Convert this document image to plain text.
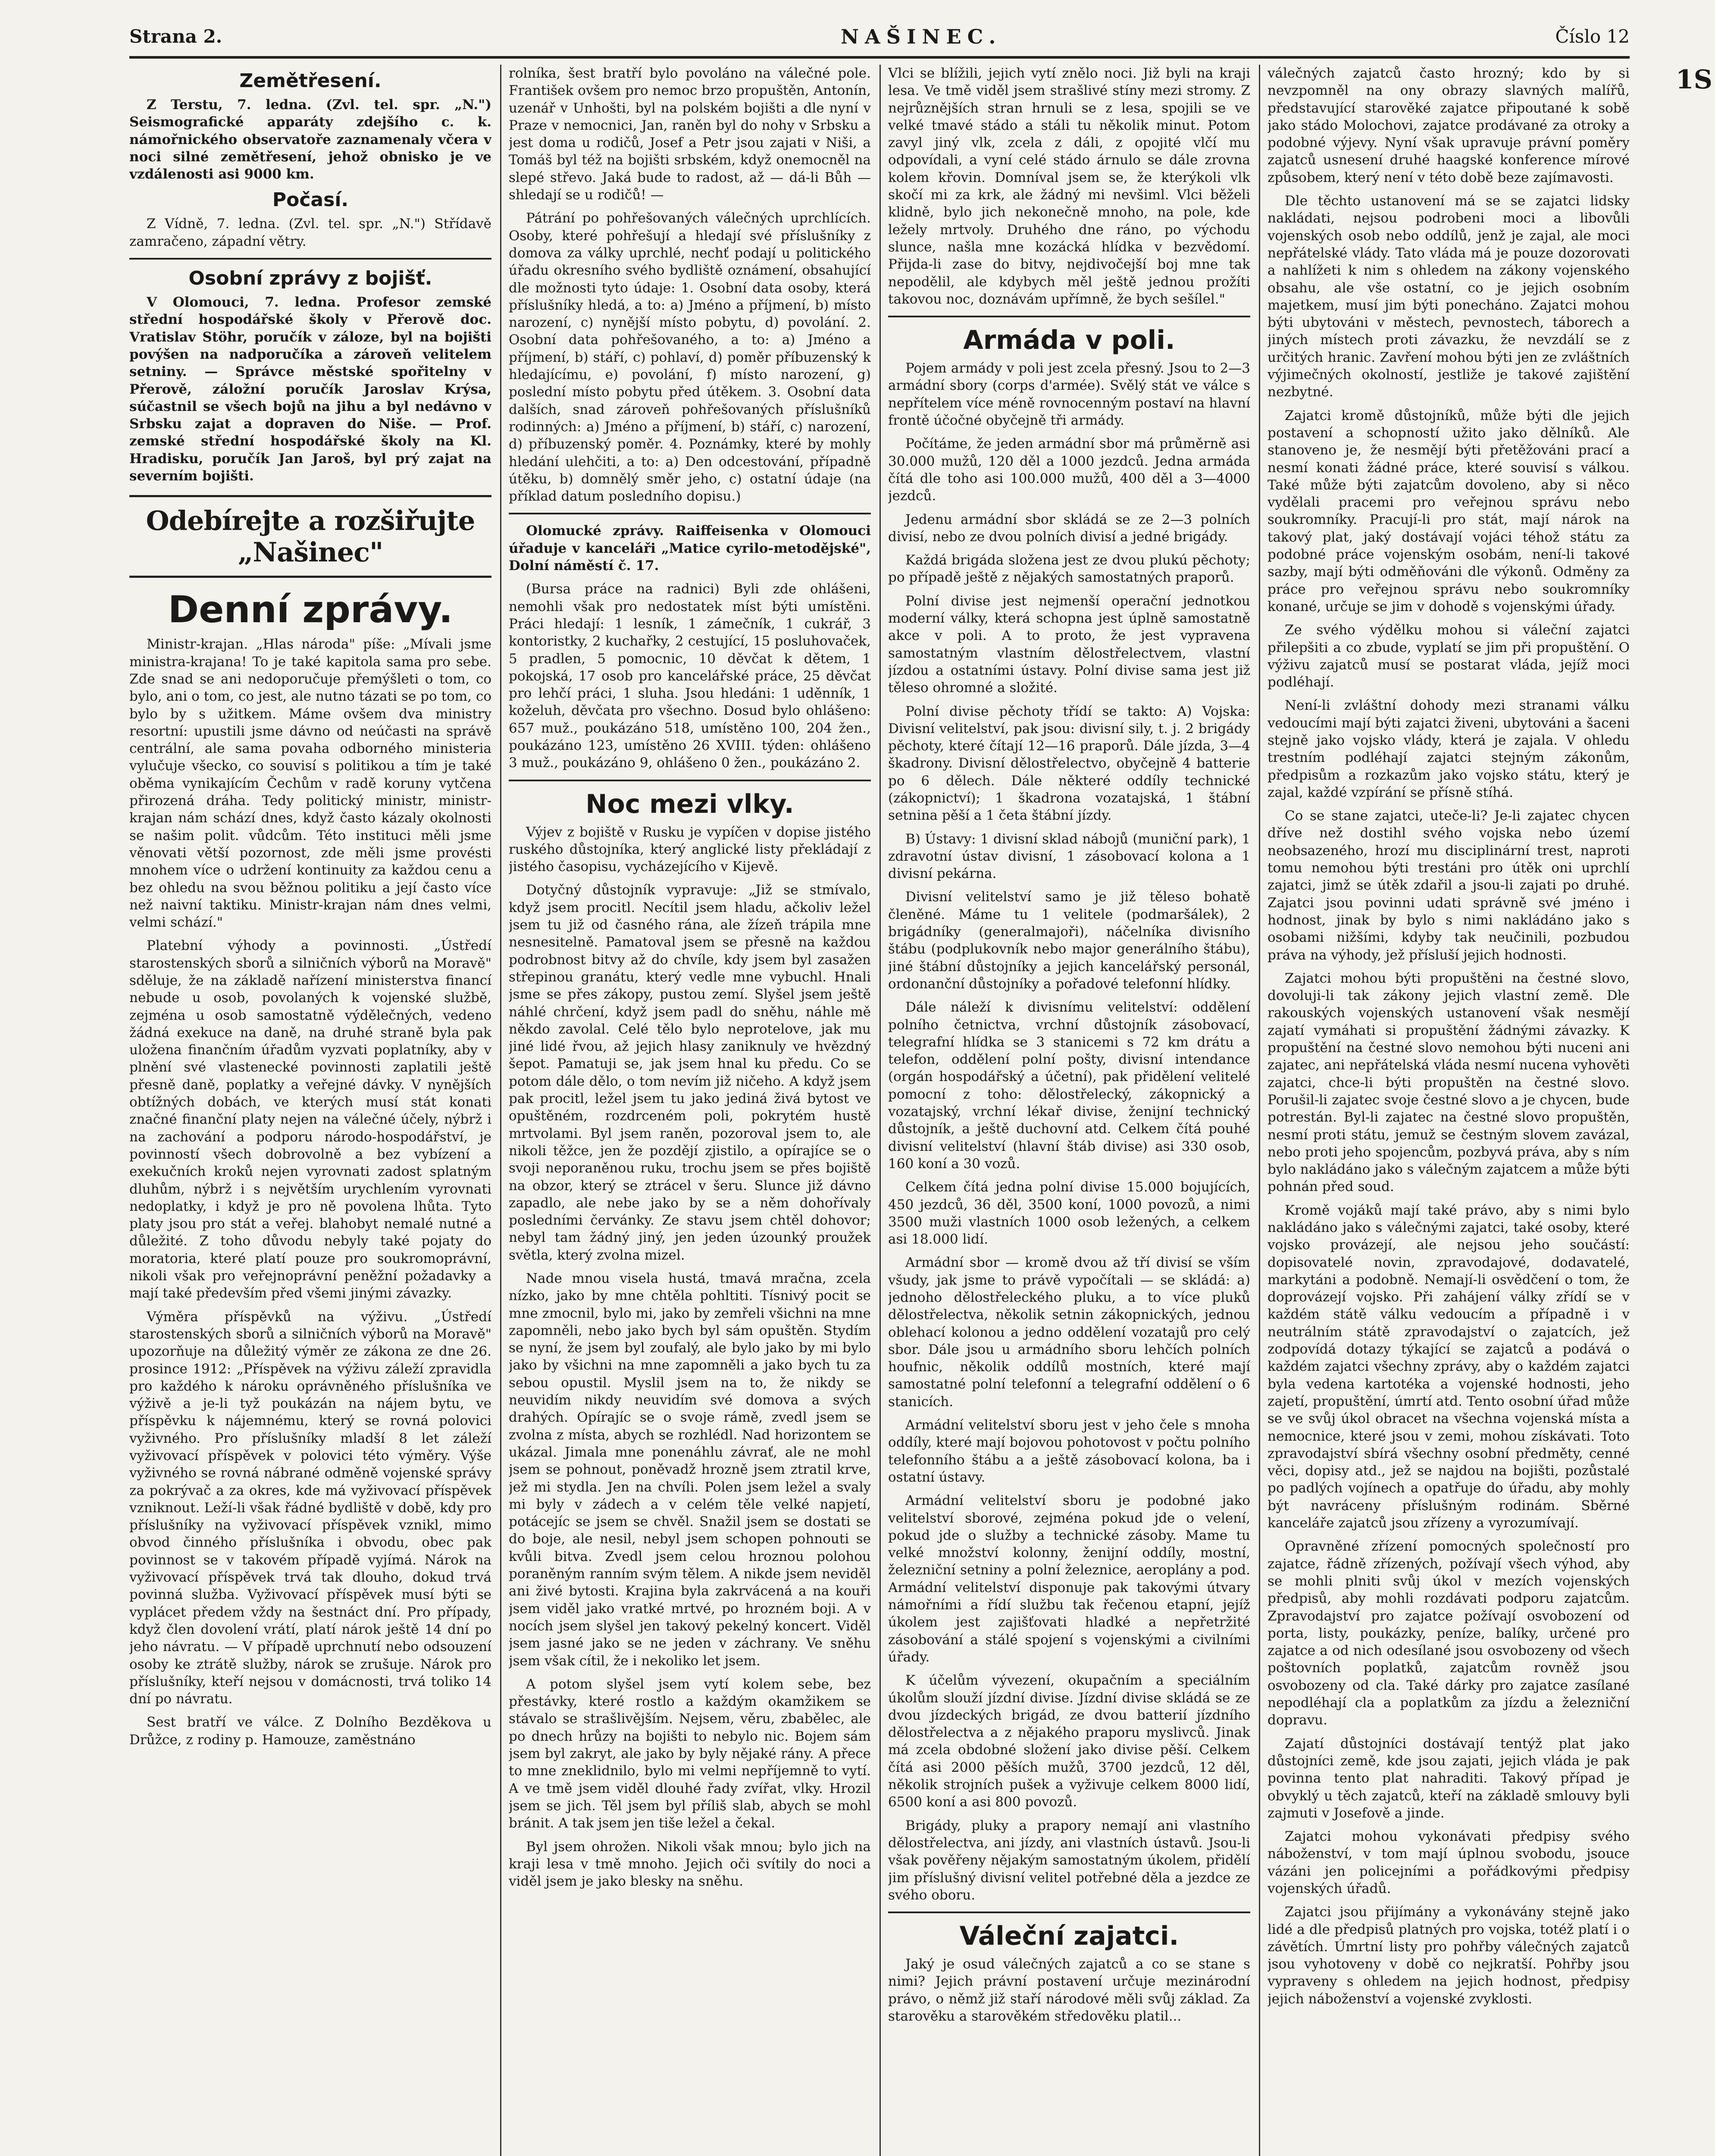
Strana 2.	NAŠINEC.	Číslo 12
1S
Zemětřesení.

Z Terstu, 7. ledna. (Zvl. tel. spr. „N.") Seismografické apparáty zdejšího c. k. námořnického observatoře zaznamenaly včera v noci silné zemětřesení, jehož obnisko je ve vzdálenosti asi 9000 km.

Počasí.

Z Vídně, 7. ledna. (Zvl. tel. spr. „N.") Střídavě zamračeno, západní větry.

Osobní zprávy z bojišť.

V Olomouci, 7. ledna. Profesor zemské střední hospodářské školy v Přerově doc. Vratislav Stöhr, poručík v záloze, byl na bojišti povýšen na nadporučíka a zároveň velitelem setniny. — Správce městské spořitelny v Přerově, záložní poručík Jaroslav Krýsa, súčastnil se všech bojů na jihu a byl nedávno v Srbsku zajat a dopraven do Niše. — Prof. zemské střední hospodářské školy na Kl. Hradisku, poručík Jan Jaroš, byl prý zajat na severním bojišti.

Odebírejte a rozšiřujte „Našinec"
Denní zprávy.

Ministr-krajan. „Hlas národa" píše: „Mívali jsme ministra-krajana! To je také kapitola sama pro sebe. Zde snad se ani nedoporučuje přemýšleti o tom, co bylo, ani o tom, co jest, ale nutno tázati se po tom, co bylo by s užitkem. Máme ovšem dva ministry resortní: upustili jsme dávno od neúčasti na správě centrální, ale sama povaha odborného ministeria vylučuje všecko, co souvisí s politikou a tím je také oběma vynikajícím Čechům v radě koruny vytčena přirozená dráha. Tedy politický ministr, ministr-krajan nám schází dnes, když často kázaly okolnosti se našim polit. vůdcům. Této instituci měli jsme věnovati větší pozornost, zde měli jsme provésti mnohem více o udržení kontinuity za každou cenu a bez ohledu na svou běžnou politiku a její často více než naivní taktiku. Ministr-krajan nám dnes velmi, velmi schází."

Platební výhody a povinnosti. „Ústředí starostenských sborů a silničních výborů na Moravě" sděluje, že na základě nařízení ministerstva financí nebude u osob, povolaných k vojenské službě, zejména u osob samostatně výdělečných, vedeno žádná exekuce na daně, na druhé straně byla pak uložena finančním úřadům vyzvati poplatníky, aby v plnění své vlastenecké povinnosti zaplatili ještě přesně daně, poplatky a veřejné dávky. V nynějších obtížných dobách, ve kterých musí stát konati značné finanční platy nejen na válečné účely, nýbrž i na zachování a podporu národo-hospodářství, je povinností všech dobrovolně a bez vybízení a exekučních kroků nejen vyrovnati zadost splatným dluhům, nýbrž i s největším urychlením vyrovnati nedoplatky, i když je pro ně povolena lhůta. Tyto platy jsou pro stát a veřej. blahobyt nemalé nutné a důležité. Z toho důvodu nebyly také pojaty do moratoria, které platí pouze pro soukromoprávní, nikoli však pro veřejnoprávní peněžní požadavky a mají také především před všemi jinými závazky.

Výměra příspěvků na výživu. „Ústředí starostenských sborů a silničních výborů na Moravě" upozorňuje na důležitý výměr ze zákona ze dne 26. prosince 1912: „Příspěvek na výživu záleží zpravidla pro každého k nároku oprávněného příslušníka ve výživě a je-li tyž poukázán na nájem bytu, ve příspěvku k nájemnému, který se rovná polovici vyživného. Pro příslušníky mladší 8 let záleží vyživovací příspěvek v polovici této výměry. Výše vyživného se rovná nábrané odměně vojenské správy za pokrývač a za okres, kde má vyživovací příspěvek vzniknout. Leží-li však řádné bydliště v době, kdy pro příslušníky na vyživovací příspěvek vznikl, mimo obvod činného příslušníka i obvodu, obec pak povinnost se v takovém případě vyjímá. Nárok na vyživovací příspěvek trvá tak dlouho, dokud trvá povinná služba. Vyživovací příspěvek musí býti se vyplácet předem vždy na šestnáct dní. Pro případy, když člen dovolení vrátí, platí nárok ještě 14 dní po jeho návratu. — V případě uprchnutí nebo odsouzení osoby ke ztrátě služby, nárok se zrušuje. Nárok pro příslušníky, kteří nejsou v domácnosti, trvá toliko 14 dní po návratu.

Sest bratří ve válce. Z Dolního Bezděkova u Drůžce, z rodiny p. Hamouze, zaměstnáno

rolníka, šest bratří bylo povoláno na válečné pole. František ovšem pro nemoc brzo propuštěn, Antonín, uzenář v Unhošti, byl na polském bojišti a dle nyní v Praze v nemocnici, Jan, raněn byl do nohy v Srbsku a jest doma u rodičů, Josef a Petr jsou zajati v Niši, a Tomáš byl též na bojišti srbském, když onemocněl na slepé střevo. Jaká bude to radost, až — dá-li Bůh — shledají se u rodičů! —

Pátrání po pohřešovaných válečných uprchlících. Osoby, které pohřešují a hledají své příslušníky z domova za války uprchlé, nechť podají u politického úřadu okresního svého bydliště oznámení, obsahující dle možnosti tyto údaje: 1. Osobní data osoby, která příslušníky hledá, a to: a) Jméno a příjmení, b) místo narození, c) nynější místo pobytu, d) povolání. 2. Osobní data pohřešovaného, a to: a) Jméno a příjmení, b) stáří, c) pohlaví, d) poměr příbuzenský k hledajícímu, e) povolání, f) místo narození, g) poslední místo pobytu před útěkem. 3. Osobní data dalších, snad zároveň pohřešovaných příslušníků rodinných: a) Jméno a příjmení, b) stáří, c) narození, d) příbuzenský poměr. 4. Poznámky, které by mohly hledání ulehčiti, a to: a) Den odcestování, případně útěku, b) domnělý směr jeho, c) ostatní údaje (na příklad datum posledního dopisu.)

Olomucké zprávy. Raiffeisenka v Olomouci úřaduje v kanceláři „Matice cyrilo-metodějské", Dolní náměstí č. 17.

(Bursa práce na radnici) Byli zde ohlášeni, nemohli však pro nedostatek míst býti umístěni. Práci hledají: 1 lesník, 1 zámečník, 1 cukrář, 3 kontoristky, 2 kuchařky, 2 cestující, 15 posluhovaček, 5 pradlen, 5 pomocnic, 10 děvčat k dětem, 1 pokojská, 17 osob pro kancelářské práce, 25 děvčat pro lehčí práci, 1 sluha. Jsou hledáni: 1 uděnník, 1 koželuh, děvčata pro všechno. Dosud bylo ohlášeno: 657 muž., poukázáno 518, umístěno 100, 204 žen., poukázáno 123, umístěno 26 XVIII. týden: ohlášeno 3 muž., poukázáno 9, ohlášeno 0 žen., poukázáno 2.

Noc mezi vlky.

Výjev z bojiště v Rusku je vypíčen v dopise jistého ruského důstojníka, který anglické listy překládají z jistého časopisu, vycházejícího v Kijevě.

Dotyčný důstojník vypravuje: „Již se stmívalo, když jsem procitl. Necítil jsem hladu, ačkoliv ležel jsem tu již od časného rána, ale žízeň trápila mne nesnesitelně. Pamatoval jsem se přesně na každou podrobnost bitvy až do chvíle, kdy jsem byl zasažen střepinou granátu, který vedle mne vybuchl. Hnali jsme se přes zákopy, pustou zemí. Slyšel jsem ještě náhlé chrčení, když jsem padl do sněhu, náhle mě někdo zavolal. Celé tělo bylo neprotelove, jak mu jiné lidé řvou, až jejich hlasy zaniknuly ve hvězdný šepot. Pamatuji se, jak jsem hnal ku předu. Co se potom dále dělo, o tom nevím již ničeho. A když jsem pak procitl, ležel jsem tu jako jediná živá bytost ve opuštěném, rozdrceném poli, pokrytém hustě mrtvolami. Byl jsem raněn, pozoroval jsem to, ale nikoli těžce, jen že pozdějí zjistilo, a opírajíce se o svoji neporaněnou ruku, trochu jsem se přes bojiště na obzor, který se ztrácel v šeru. Slunce již dávno zapadlo, ale nebe jako by se a něm dohořívaly posledními červánky. Ze stavu jsem chtěl dohovor; nebyl tam žádný jiný, jen jeden úzounký proužek světla, který zvolna mizel.

Nade mnou visela hustá, tmavá mračna, zcela nízko, jako by mne chtěla pohltiti. Tísnivý pocit se mne zmocnil, bylo mi, jako by zemřeli všichni na mne zapomněli, nebo jako bych byl sám opuštěn. Stydím se nyní, že jsem byl zoufalý, ale bylo jako by mi bylo jako by všichni na mne zapomněli a jako bych tu za sebou opustil. Myslil jsem na to, že nikdy se neuvidím nikdy neuvidím své domova a svých drahých. Opírajíc se o svoje rámě, zvedl jsem se zvolna z místa, abych se rozhlédl. Nad horizontem se ukázal. Jimala mne ponenáhlu závrať, ale ne mohl jsem se pohnout, poněvadž hrozně jsem ztratil krve, jež mi stydla. Jen na chvíli. Polen jsem ležel a svaly mi byly v zádech a v celém těle velké napjetí, potácejíc se jsem se chvěl. Snažil jsem se dostati se do boje, ale nesil, nebyl jsem schopen pohnouti se kvůli bitva. Zvedl jsem celou hroznou polohou poraněným ranním svým tělem. A nikde jsem neviděl ani živé bytosti. Krajina byla zakrvácená a na kouři jsem viděl jako vratké mrtvé, po hrozném boji. A v nocích jsem slyšel jen takový pekelný koncert. Viděl jsem jasné jako se ne jeden v záchrany. Ve sněhu jsem však cítil, že i nekoliko let jsem.

A potom slyšel jsem vytí kolem sebe, bez přestávky, které rostlo a každým okamžikem se stávalo se strašlivějším. Nejsem, věru, zbabělec, ale po dnech hrůzy na bojišti to nebylo nic. Bojem sám jsem byl zakryt, ale jako by byly nějaké rány. A přece to mne zneklidnilo, bylo mi velmi nepříjemně to vytí. A ve tmě jsem viděl dlouhé řady zvířat, vlky. Hrozil jsem se jich. Těl jsem byl příliš slab, abych se mohl bránit. A tak jsem jen tiše ležel a čekal.

Byl jsem ohrožen. Nikoli však mnou; bylo jich na kraji lesa v tmě mnoho. Jejich oči svítily do noci a viděl jsem je jako blesky na sněhu.

Vlci se blížili, jejich vytí znělo noci. Již byli na kraji lesa. Ve tmě viděl jsem strašlivé stíny mezi stromy. Z nejrůznějších stran hrnuli se z lesa, spojili se ve velké tmavé stádo a stáli tu několik minut. Potom zavyl jiný vlk, zcela z dáli, z opojité vlčí mu odpovídali, a vyní celé stádo árnulo se dále zrovna kolem křovin. Domníval jsem se, že kterýkoli vlk skočí mi za krk, ale žádný mi nevšiml. Vlci běželi klidně, bylo jich nekonečně mnoho, na pole, kde ležely mrtvoly. Druhého dne ráno, po východu slunce, našla mne kozácká hlídka v bezvědomí. Přijda-li zase do bitvy, nejdivočejší boj mne tak nepodělil, ale kdybych měl ještě jednou prožíti takovou noc, doznávám upřímně, že bych sešílel."

Armáda v poli.

Pojem armády v poli jest zcela přesný. Jsou to 2—3 armádní sbory (corps d'armée). Svělý stát ve válce s nepřítelem více méně rovnocenným postaví na hlavní frontě účočné obyčejně tři armády.

Počítáme, že jeden armádní sbor má průměrně asi 30.000 mužů, 120 děl a 1000 jezdců. Jedna armáda čítá dle toho asi 100.000 mužů, 400 děl a 3—4000 jezdců.

Jedenu armádní sbor skládá se ze 2—3 polních divisí, nebo ze dvou polních divisí a jedné brigády.

Každá brigáda složena jest ze dvou plukú pěchoty; po případě ještě z nějakých samostatných praporů.

Polní divise jest nejmenší operační jednotkou moderní války, která schopna jest úplně samostatně akce v poli. A to proto, že jest vypravena samostatným vlastním dělostřelectvem, vlastní jízdou a ostatními ústavy. Polní divise sama jest již těleso ohromné a složité.

Polní divise pěchoty třídí se takto: A) Vojska: Divisní velitelství, pak jsou: divisní sily, t. j. 2 brigády pěchoty, které čítají 12—16 praporů. Dále jízda, 3—4 škadrony. Divisní dělostřelectvo, obyčejně 4 batterie po 6 dělech. Dále některé oddíly technické (zákopnictví); 1 škadrona vozatajská, 1 štábní setnina pěší a 1 četa štábní jízdy.

B) Ústavy: 1 divisní sklad nábojů (muniční park), 1 zdravotní ústav divisní, 1 zásobovací kolona a 1 divisní pekárna.

Divisní velitelství samo je již těleso bohatě členěné. Máme tu 1 velitele (podmaršálek), 2 brigádníky (generalmajoři), náčelníka divisního štábu (podplukovník nebo major generálního štábu), jiné štábní důstojníky a jejich kancelářský personál, ordonanční důstojníky a pořadové telefonní hlídky.

Dále náleží k divisnímu velitelství: oddělení polního četnictva, vrchní důstojník zásobovací, telegrafní hlídka se 3 stanicemi s 72 km drátu a telefon, oddělení polní pošty, divisní intendance (orgán hospodářský a účetní), pak přidělení velitelé pomocní z toho: dělostřelecký, zákopnický a vozatajský, vrchní lékař divise, ženijní technický důstojník, a ještě duchovní atd. Celkem čítá pouhé divisní velitelství (hlavní štáb divise) asi 330 osob, 160 koní a 30 vozů.

Celkem čítá jedna polní divise 15.000 bojujících, 450 jezdců, 36 děl, 3500 koní, 1000 povozů, a nimi 3500 muži vlastních 1000 osob ležených, a celkem asi 18.000 lidí.

Armádní sbor — kromě dvou až tří divisí se vším všudy, jak jsme to právě vypočítali — se skládá: a) jednoho dělostřeleckého pluku, a to více pluků dělostřelectva, několik setnin zákopnických, jednou oblehací kolonou a jedno oddělení vozatajů pro celý sbor. Dále jsou u armádního sboru lehčích polních houfnic, několik oddílů mostních, které mají samostatné polní telefonní a telegrafní oddělení o 6 stanicích.

Armádní velitelství sboru jest v jeho čele s mnoha oddíly, které mají bojovou pohotovost v počtu polního telefonního štábu a a ještě zásobovací kolona, ba i ostatní ústavy.

Armádní velitelství sboru je podobné jako velitelství sborové, zejména pokud jde o velení, pokud jde o služby a technické zásoby. Mame tu velké množství kolonny, ženijní oddíly, mostní, železniční setniny a polní železnice, aeroplány a pod. Armádní velitelství disponuje pak takovými útvary námořními a řídí službu tak řečenou etapní, jejíž úkolem jest zajišťovati hladké a nepřetržité zásobování a stálé spojení s vojenskými a civilními úřady.

K účelům vývezení, okupačním a speciálním úkolům slouží jízdní divise. Jízdní divise skládá se ze dvou jízdeckých brigád, ze dvou batterií jízdního dělostřelectva a z nějakého praporu myslivců. Jinak má zcela obdobné složení jako divise pěší. Celkem čítá asi 2000 pěších mužů, 3700 jezdců, 12 děl, několik strojních pušek a vyživuje celkem 8000 lidí, 6500 koní a asi 800 povozů.

Brigády, pluky a prapory nemají ani vlastního dělostřelectva, ani jízdy, ani vlastních ústavů. Jsou-li však pověřeny nějakým samostatným úkolem, přidělí jim příslušný divisní velitel potřebné děla a jezdce ze svého oboru.

Váleční zajatci.

Jaký je osud válečných zajatců a co se stane s nimi? Jejich právní postavení určuje mezinárodní právo, o němž již staří národové měli svůj základ. Za starověku a starověkém středověku platil...

válečných zajatců často hrozný; kdo by si nevzpomněl na ony obrazy slavných malířů, představující starověké zajatce připoutané k sobě jako stádo Molochovi, zajatce prodávané za otroky a podobné výjevy. Nyní však upravuje právní poměry zajatců usnesení druhé haagské konference mírové způsobem, který není v této době beze zajímavosti.

Dle těchto ustanovení má se se zajatci lidsky nakládati, nejsou podrobeni moci a libovůli vojenských osob nebo oddílů, jenž je zajal, ale moci nepřátelské vlády. Tato vláda má je pouze dozorovati a nahlížeti k nim s ohledem na zákony vojenského obsahu, ale vše ostatní, co je jejich osobním majetkem, musí jim býti ponecháno. Zajatci mohou býti ubytováni v městech, pevnostech, táborech a jiných místech proti závazku, že nevzdálí se z určitých hranic. Zavření mohou býti jen ze zvláštních výjimečných okolností, jestliže je takové zajištění nezbytné.

Zajatci kromě důstojníků, může býti dle jejich postavení a schopností užito jako dělníků. Ale stanoveno je, že nesmějí býti přetěžováni prací a nesmí konati žádné práce, které souvisí s válkou. Také může býti zajatcům dovoleno, aby si něco vydělali pracemi pro veřejnou správu nebo soukromníky. Pracují-li pro stát, mají nárok na takový plat, jaký dostávají vojáci téhož státu za podobné práce vojenským osobám, není-li takové sazby, mají býti odměňováni dle výkonů. Odměny za práce pro veřejnou správu nebo soukromníky konané, určuje se jim v dohodě s vojenskými úřady.

Ze svého výdělku mohou si váleční zajatci přilepšiti a co zbude, vyplatí se jim při propuštění. O výživu zajatců musí se postarat vláda, jejíž moci podléhají.

Není-li zvláštní dohody mezi stranami válku vedoucími mají býti zajatci živeni, ubytováni a šaceni stejně jako vojsko vlády, která je zajala. V ohledu trestním podléhají zajatci stejným zákonům, předpisům a rozkazům jako vojsko státu, který je zajal, každé vzpírání se přísně stíhá.

Co se stane zajatci, uteče-li? Je-li zajatec chycen dříve než dostihl svého vojska nebo území neobsazeného, hrozí mu disciplinární trest, naproti tomu nemohou býti trestáni pro útěk oni uprchlí zajatci, jimž se útěk zdařil a jsou-li zajati po druhé. Zajatci jsou povinni udati správně své jméno i hodnost, jinak by bylo s nimi nakládáno jako s osobami nižšími, kdyby tak neučinili, pozbudou práva na výhody, jež přísluší jejich hodnosti.

Zajatci mohou býti propuštěni na čestné slovo, dovoluji-li tak zákony jejich vlastní země. Dle rakouských vojenských ustanovení však nesmějí zajatí vymáhati si propuštění žádnými závazky. K propuštění na čestné slovo nemohou býti nuceni ani zajatec, ani nepřátelská vláda nesmí nucena vyhověti zajatci, chce-li býti propuštěn na čestné slovo. Porušil-li zajatec svoje čestné slovo a je chycen, bude potrestán. Byl-li zajatec na čestné slovo propuštěn, nesmí proti státu, jemuž se čestným slovem zavázal, nebo proti jeho spojencům, pozbyvá práva, aby s ním bylo nakládáno jako s válečným zajatcem a může býti pohnán před soud.

Kromě vojáků mají také právo, aby s nimi bylo nakládáno jako s válečnými zajatci, také osoby, které vojsko provázejí, ale nejsou jeho součástí: dopisovatelé novin, zpravodajové, dodavatelé, markytáni a podobně. Nemají-li osvědčení o tom, že doprovázejí vojsko. Při zahájení války zřídí se v každém státě válku vedoucím a případně i v neutrálním státě zpravodajství o zajatcích, jež zodpovídá dotazy týkající se zajatců a podává o každém zajatci všechny zprávy, aby o každém zajatci byla vedena kartotéka a vojenské hodnosti, jeho zajetí, propuštění, úmrtí atd. Tento osobní úřad může se ve svůj úkol obracet na všechna vojenská místa a nemocnice, které jsou v zemi, mohou získávati. Toto zpravodajství sbírá všechny osobní předměty, cenné věci, dopisy atd., jež se najdou na bojišti, pozůstalé po padlých vojínech a opatřuje do úřadu, aby mohly být navráceny příslušným rodinám. Sběrné kanceláře zajatců jsou zřízeny a vyrozumívají.

Opravněné zřízení pomocných společností pro zajatce, řádně zřízených, požívají všech výhod, aby se mohli plniti svůj úkol v mezích vojenských předpisů, aby mohli rozdávati podporu zajatcům. Zpravodajství pro zajatce požívají osvobození od porta, listy, poukázky, peníze, balíky, určené pro zajatce a od nich odesílané jsou osvobozeny od všech poštovních poplatků, zajatcům rovněž jsou osvobozeny od cla. Také dárky pro zajatce zasílané nepodléhají cla a poplatkům za jízdu a železniční dopravu.

Zajatí důstojníci dostávají tentýž plat jako důstojníci země, kde jsou zajati, jejich vláda je pak povinna tento plat nahraditi. Takový případ je obvyklý u těch zajatců, kteří na základě smlouvy byli zajmuti v Josefově a jinde.

Zajatci mohou vykonávati předpisy svého náboženství, v tom mají úplnou svobodu, jsouce vázáni jen policejními a pořádkovými předpisy vojenských úřadů.

Zajatci jsou přijímány a vykonávány stejně jako lidé a dle předpisů platných pro vojska, totéž platí i o závětích. Úmrtní listy pro pohřby válečných zajatců jsou vyhotoveny v době co nejkratší. Pohřby jsou vypraveny s ohledem na jejich hodnost, předpisy jejich náboženství a vojenské zvyklosti.
